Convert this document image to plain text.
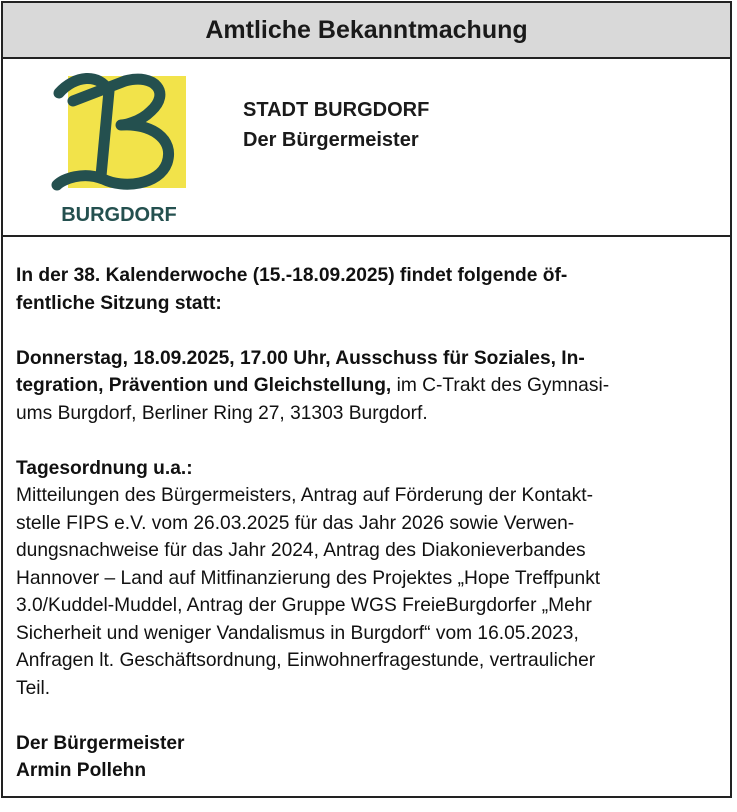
Amtliche Bekanntmachung
BURGDORF
STADT BURGDORF
Der Bürgermeister

In der 38. Kalenderwoche (15.-18.09.2025) findet folgende öf-
fentliche Sitzung statt:

Donnerstag, 18.09.2025, 17.00 Uhr, Ausschuss für Soziales, In-
tegration, Prävention und Gleichstellung, im C-Trakt des Gymnasi-
ums Burgdorf, Berliner Ring 27, 31303 Burgdorf.

Tagesordnung u.a.:
Mitteilungen des Bürgermeisters, Antrag auf Förderung der Kontakt-
stelle FIPS e.V. vom 26.03.2025 für das Jahr 2026 sowie Verwen-
dungsnachweise für das Jahr 2024, Antrag des Diakonieverbandes
Hannover – Land auf Mitfinanzierung des Projektes „Hope Treffpunkt
3.0/Kuddel-Muddel, Antrag der Gruppe WGS FreieBurgdorfer „Mehr
Sicherheit und weniger Vandalismus in Burgdorf“ vom 16.05.2023,
Anfragen lt. Geschäftsordnung, Einwohnerfragestunde, vertraulicher
Teil.

Der Bürgermeister
Armin Pollehn
